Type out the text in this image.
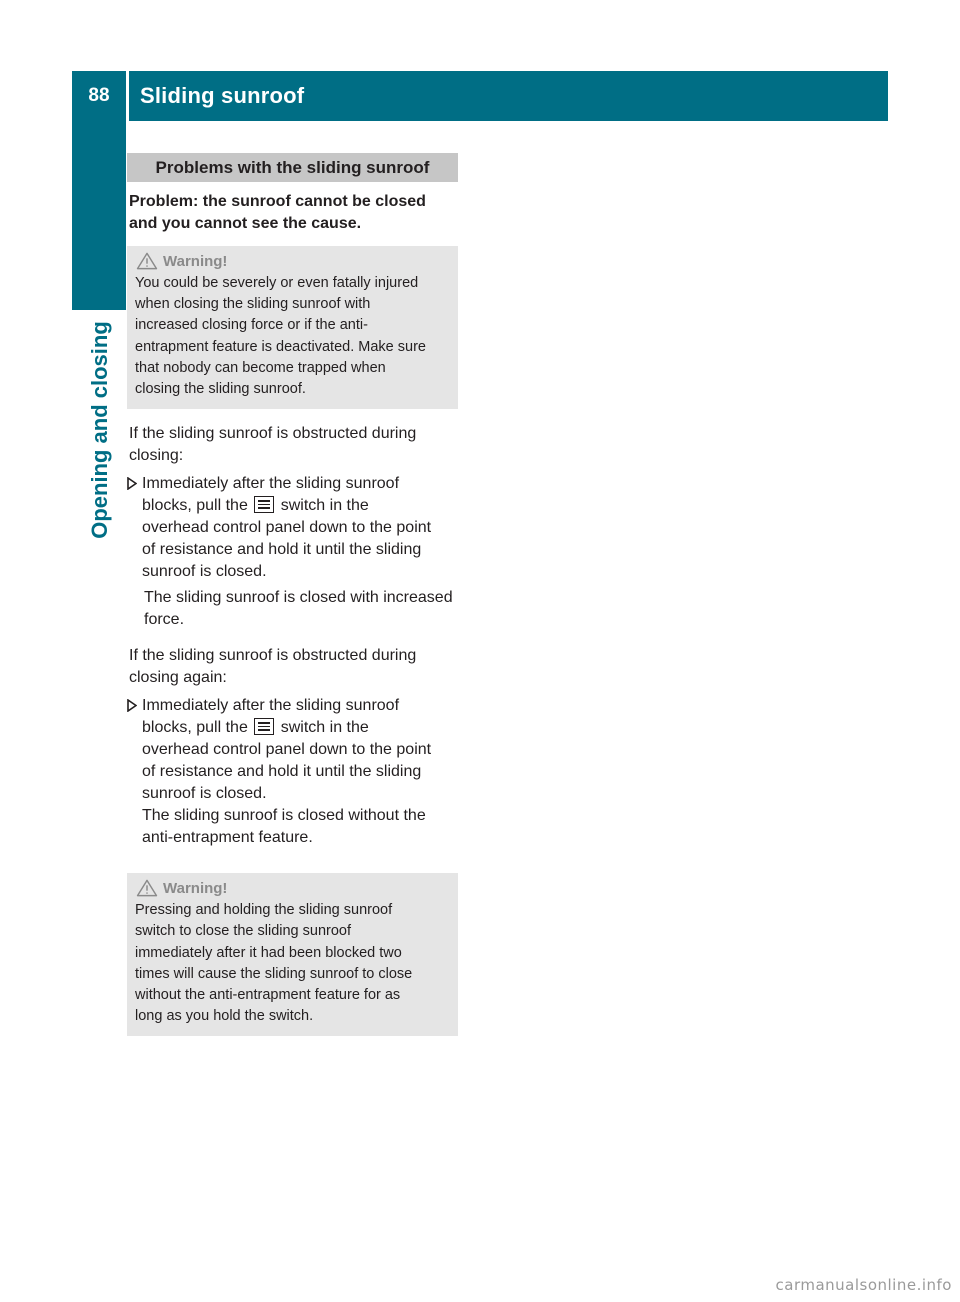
88	Sliding sunroof
Opening and closing
Problems with the sliding sunroof
Problem: the sunroof cannot be closed and you cannot see the cause.
Warning!
You could be severely or even fatally injured
when closing the sliding sunroof with
increased closing force or if the anti-
entrapment feature is deactivated. Make sure
that nobody can become trapped when
closing the sliding sunroof.
If the sliding sunroof is obstructed during
closing:
Immediately after the sliding sunroof
blocks, pull the switch in the
overhead control panel down to the point
of resistance and hold it until the sliding
sunroof is closed.
The sliding sunroof is closed with increased
force.
If the sliding sunroof is obstructed during
closing again:
Immediately after the sliding sunroof
blocks, pull the switch in the
overhead control panel down to the point
of resistance and hold it until the sliding
sunroof is closed.
The sliding sunroof is closed without the
anti-entrapment feature.
Warning!
Pressing and holding the sliding sunroof
switch to close the sliding sunroof
immediately after it had been blocked two
times will cause the sliding sunroof to close
without the anti-entrapment feature for as
long as you hold the switch.
carmanualsonline.info
